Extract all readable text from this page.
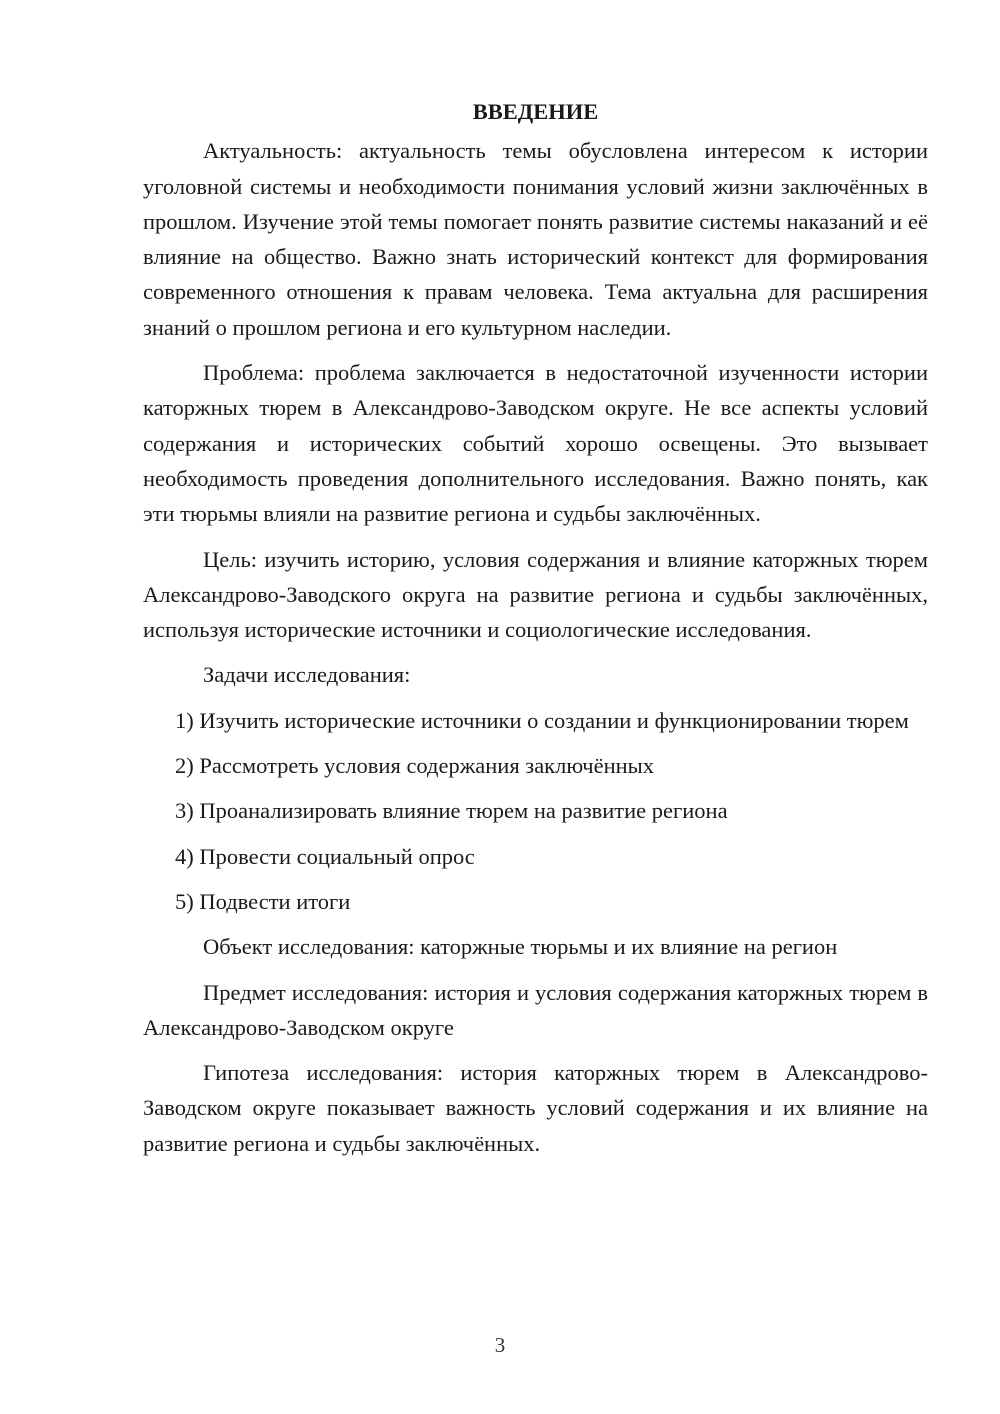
ВВЕДЕНИЕ

Актуальность: актуальность темы обусловлена интересом к истории уголовной системы и необходимости понимания условий жизни заключённых в прошлом. Изучение этой темы помогает понять развитие системы наказаний и её влияние на общество. Важно знать исторический контекст для формирования современного отношения к правам человека. Тема актуальна для расширения знаний о прошлом региона и его культурном наследии.

Проблема: проблема заключается в недостаточной изученности истории каторжных тюрем в Александрово-Заводском округе. Не все аспекты условий содержания и исторических событий хорошо освещены. Это вызывает необходимость проведения дополнительного исследования. Важно понять, как эти тюрьмы влияли на развитие региона и судьбы заключённых.

Цель: изучить историю, условия содержания и влияние каторжных тюрем Александрово-Заводского округа на развитие региона и судьбы заключённых, используя исторические источники и социологические исследования.

Задачи исследования:

1) Изучить исторические источники о создании и функционировании тюрем

2) Рассмотреть условия содержания заключённых

3) Проанализировать влияние тюрем на развитие региона

4) Провести социальный опрос

5) Подвести итоги

Объект исследования: каторжные тюрьмы и их влияние на регион

Предмет исследования: история и условия содержания каторжных тюрем в Александрово-Заводском округе

Гипотеза исследования: история каторжных тюрем в Александрово-Заводском округе показывает важность условий содержания и их влияние на развитие региона и судьбы заключённых.

3
